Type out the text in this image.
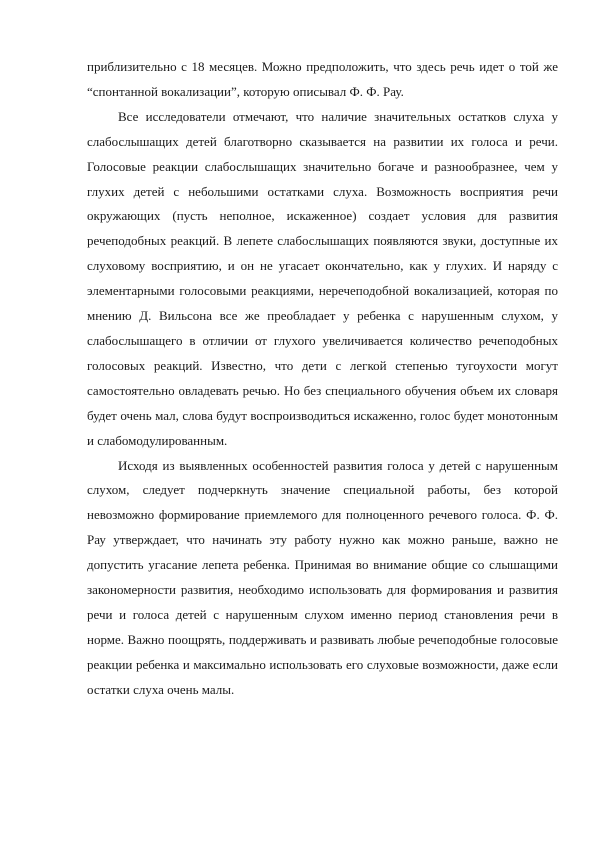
приблизительно с 18 месяцев. Можно предположить, что здесь речь идет о той же “спонтанной вокализации”, которую описывал Ф. Ф. Рау.

Все исследователи отмечают, что наличие значительных остатков слуха у слабослышащих детей благотворно сказывается на развитии их голоса и речи. Голосовые реакции слабослышащих значительно богаче и разнообразнее, чем у глухих детей с небольшими остатками слуха. Возможность восприятия речи окружающих (пусть неполное, искаженное) создает условия для развития речеподобных реакций. В лепете слабослышащих появляются звуки, доступные их слуховому восприятию, и он не угасает окончательно, как у глухих. И наряду с элементарными голосовыми реакциями, неречеподобной вокализацией, которая по мнению Д. Вильсона все же преобладает у ребенка с нарушенным слухом, у слабослышащего в отличии от глухого увеличивается количество речеподобных голосовых реакций. Известно, что дети с легкой степенью тугоухости могут самостоятельно овладевать речью. Но без специального обучения объем их словаря будет очень мал, слова будут воспроизводиться искаженно, голос будет монотонным и слабомодулированным.

Исходя из выявленных особенностей развития голоса у детей с нарушенным слухом, следует подчеркнуть значение специальной работы, без которой невозможно формирование приемлемого для полноценного речевого голоса. Ф. Ф. Рау утверждает, что начинать эту работу нужно как можно раньше, важно не допустить угасание лепета ребенка. Принимая во внимание общие со слышащими закономерности развития, необходимо использовать для формирования и развития речи и голоса детей с нарушенным слухом именно период становления речи в норме. Важно поощрять, поддерживать и развивать любые речеподобные голосовые реакции ребенка и максимально использовать его слуховые возможности, даже если остатки слуха очень малы.
